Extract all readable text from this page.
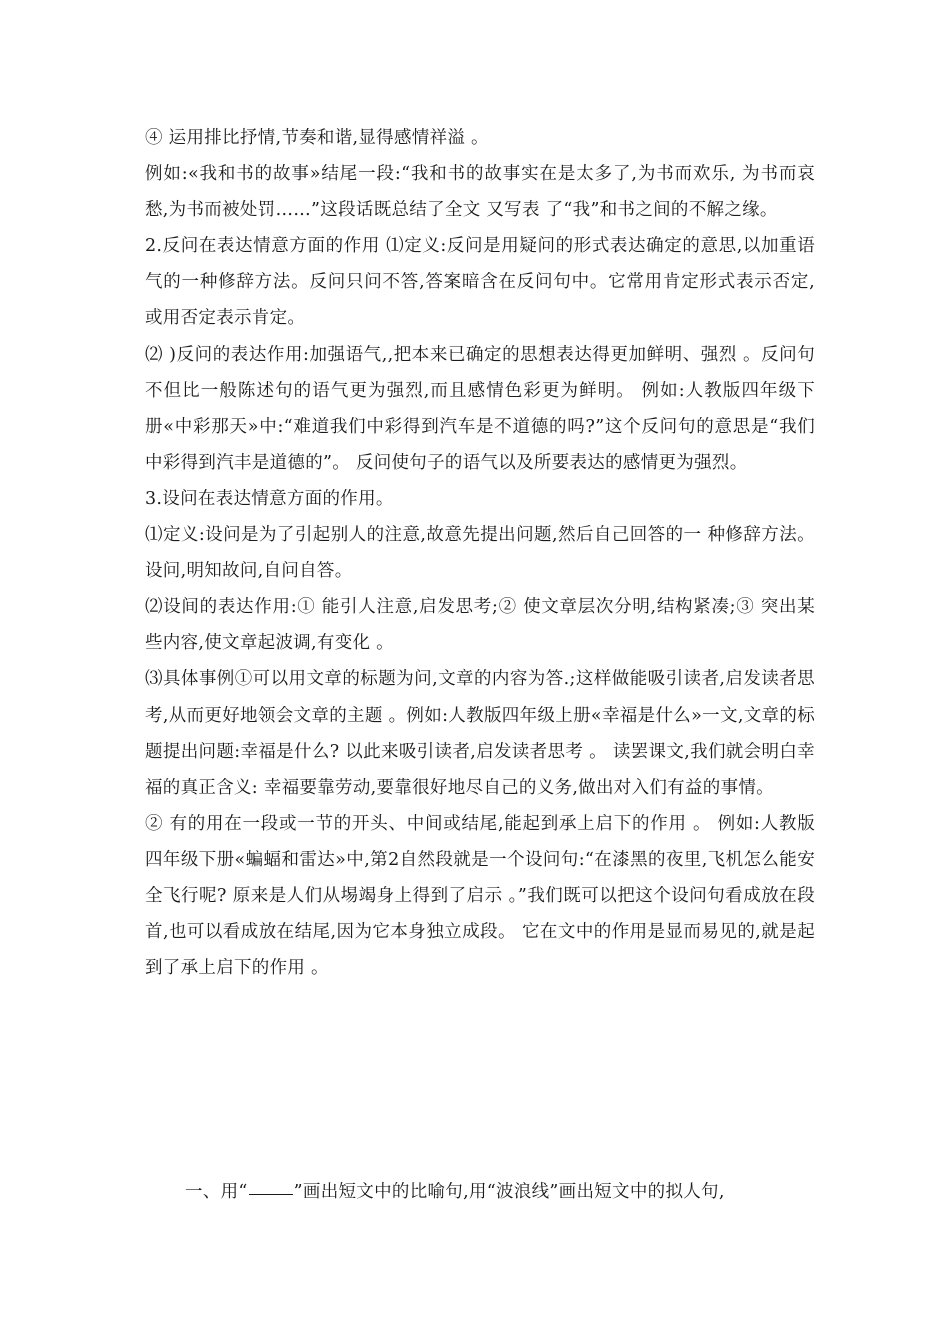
④ 运用排比抒情,节奏和谐,显得感情祥溢 。

例如:«我和书的故事»结尾一段:“我和书的故事实在是太多了,为书而欢乐, 为书而哀愁,为书而被处罚……”这段话既总结了全文 又写表 了“我”和书之间的不解之缘。

2.反问在表达情意方面的作用 ⑴定义:反问是用疑问的形式表达确定的意思,以加重语气的一种修辞方法。反问只问不答,答案暗含在反问句中。它常用肯定形式表示否定,或用否定表示肯定。

⑵ )反问的表达作用:加强语气,,把本来已确定的思想表达得更加鲜明、强烈 。反问句不但比一般陈述句的语气更为强烈,而且感情色彩更为鲜明。 例如:人教版四年级下册«中彩那天»中:“难道我们中彩得到汽车是不道德的吗?”这个反问句的意思是“我们中彩得到汽丰是道德的”。 反问使句子的语气以及所要表达的感情更为强烈。

3.设问在表达情意方面的作用。

⑴定义:设问是为了引起别人的注意,故意先提出问题,然后自己回答的一 种修辞方法。 设问,明知故问,自问自答。

⑵设间的表达作用:① 能引人注意,启发思考;② 使文章层次分明,结构紧凑;③ 突出某些内容,使文章起波调,有变化 。

⑶具体事例①可以用文章的标题为问,文章的内容为答.;这样做能吸引读者,启发读者思考,从而更好地领会文章的主题 。例如:人教版四年级上册«幸福是什么»一文,文章的标题提出问题:幸福是什么? 以此来吸引读者,启发读者思考 。 读罢课文,我们就会明白幸福的真正含义: 幸福要靠劳动,要靠很好地尽自己的义务,做出对入们有益的事情。

② 有的用在一段或一节的开头、中间或结尾,能起到承上启下的作用 。 例如:人教版四年级下册«蝙蝠和雷达»中,第2自然段就是一个设问句:“在漆黑的夜里,飞机怎么能安全飞行呢? 原来是人们从埸竭身上得到了启示 。”我们既可以把这个设问句看成放在段首,也可以看成放在结尾,因为它本身独立成段。 它在文中的作用是显而易见的,就是起到了承上启下的作用 。

一、用“	”画出短文中的比喻句,用“波浪线”画出短文中的拟人句,
